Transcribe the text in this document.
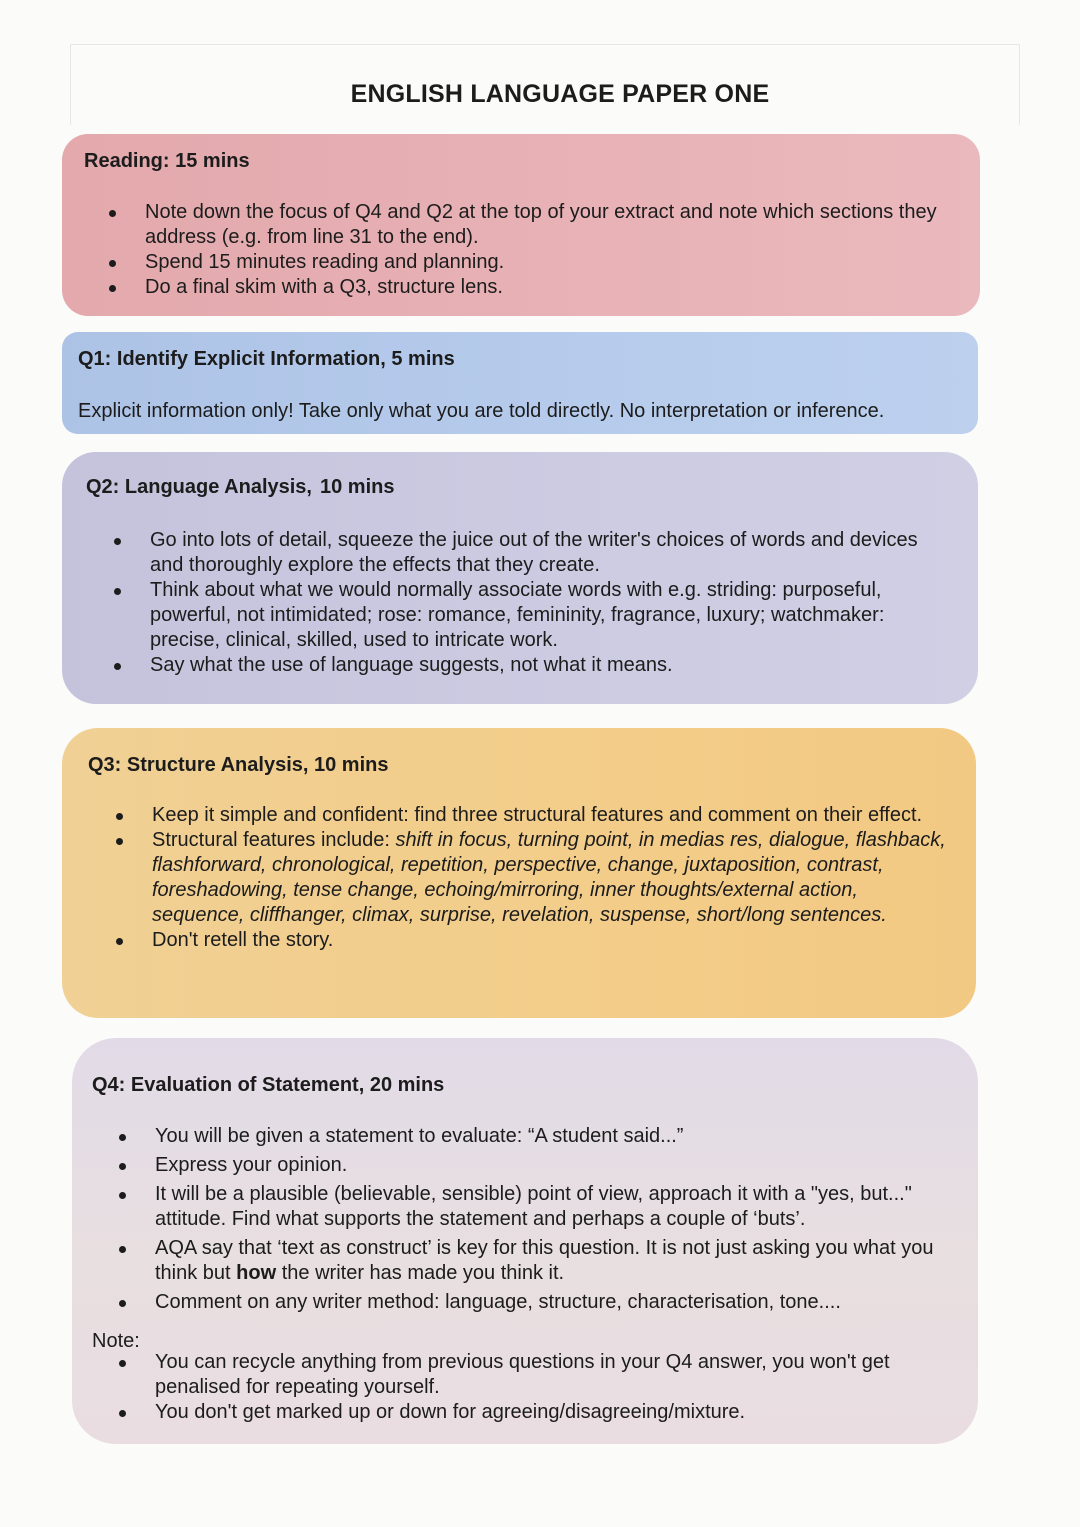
ENGLISH LANGUAGE PAPER ONE
Reading: 15 mins
Note down the focus of Q4 and Q2 at the top of your extract and note which sections they address (e.g. from line 31 to the end).
Spend 15 minutes reading and planning.
Do a final skim with a Q3, structure lens.
Q1: Identify Explicit Information, 5 mins
Explicit information only! Take only what you are told directly. No interpretation or inference.
Q2: Language Analysis, 10 mins
Go into lots of detail, squeeze the juice out of the writer's choices of words and devices and thoroughly explore the effects that they create.
Think about what we would normally associate words with e.g. striding: purposeful, powerful, not intimidated; rose: romance, femininity, fragrance, luxury; watchmaker: precise, clinical, skilled, used to intricate work.
Say what the use of language suggests, not what it means.
Q3: Structure Analysis, 10 mins
Keep it simple and confident: find three structural features and comment on their effect.
Structural features include: shift in focus, turning point, in medias res, dialogue, flashback, flashforward, chronological, repetition, perspective, change, juxtaposition, contrast, foreshadowing, tense change, echoing/mirroring, inner thoughts/external action, sequence, cliffhanger, climax, surprise, revelation, suspense, short/long sentences.
Don't retell the story.
Q4: Evaluation of Statement, 20 mins
You will be given a statement to evaluate: “A student said...”
Express your opinion.
It will be a plausible (believable, sensible) point of view, approach it with a "yes, but..." attitude. Find what supports the statement and perhaps a couple of ‘buts’.
AQA say that ‘text as construct’ is key for this question. It is not just asking you what you think but how the writer has made you think it.
Comment on any writer method: language, structure, characterisation, tone....
Note:
You can recycle anything from previous questions in your Q4 answer, you won't get penalised for repeating yourself.
You don't get marked up or down for agreeing/disagreeing/mixture.
